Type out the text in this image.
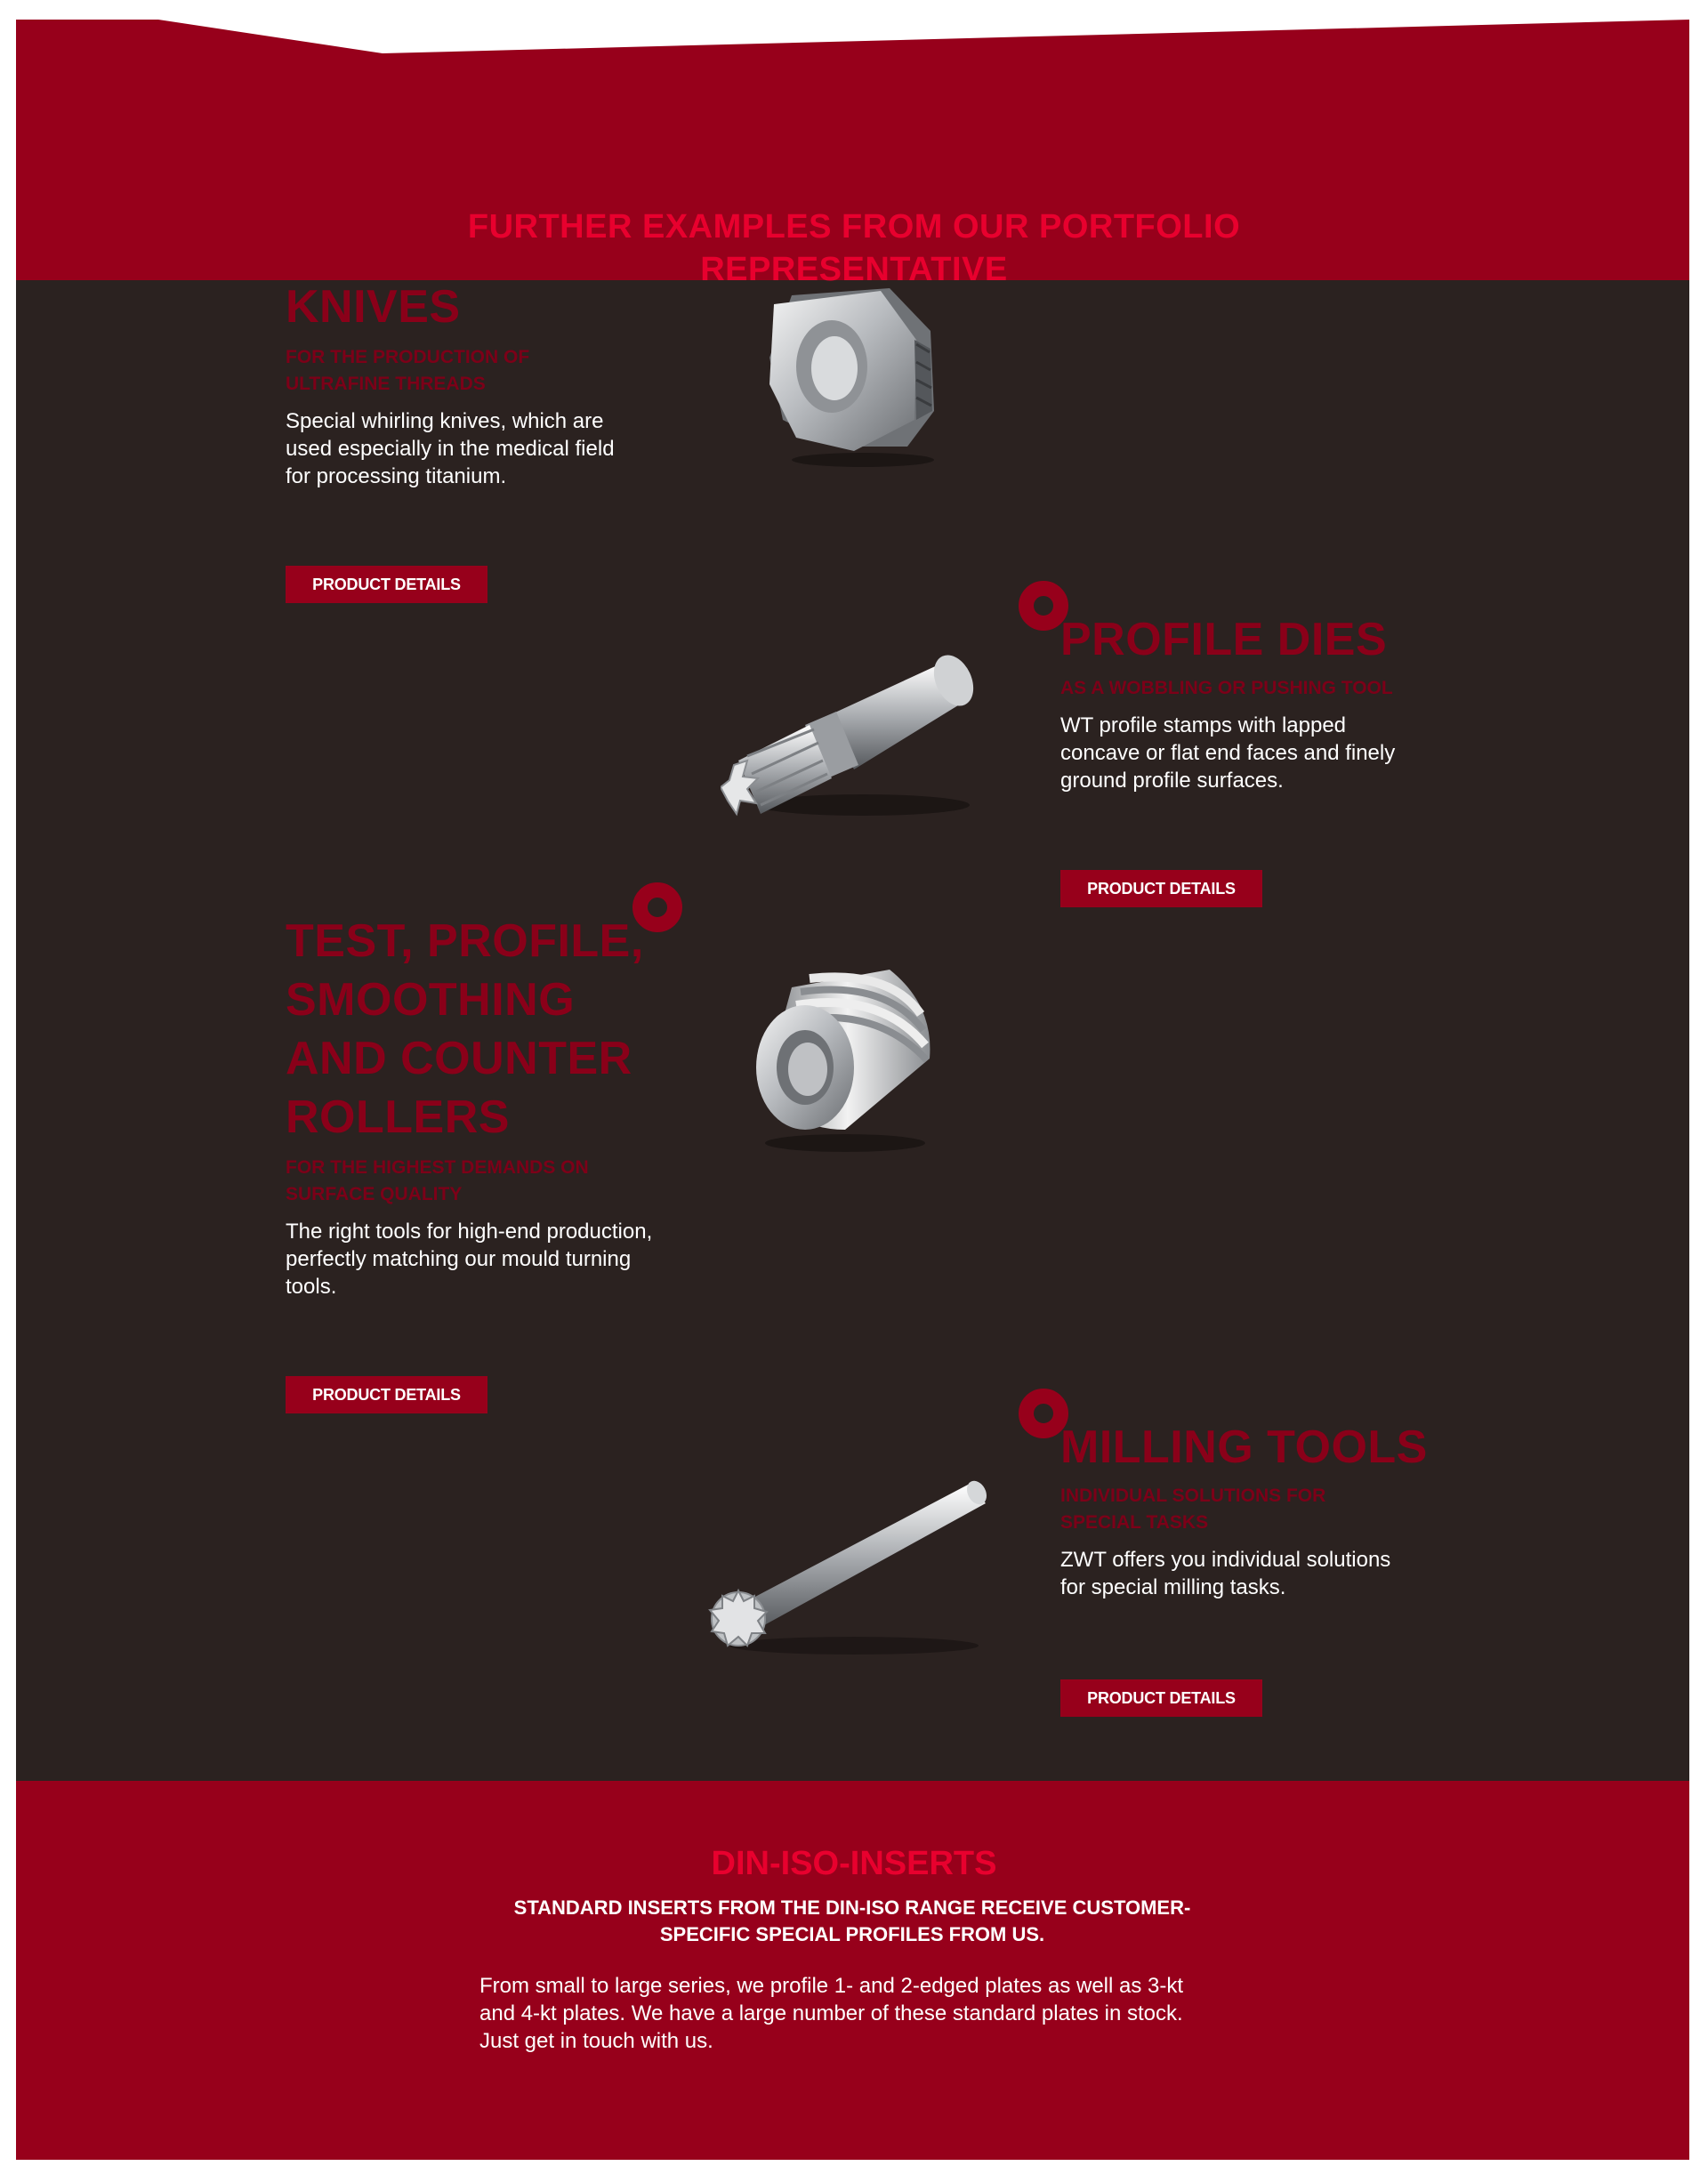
FURTHER EXAMPLES FROM OUR PORTFOLIO
REPRESENTATIVE
KNIVES

FOR THE PRODUCTION OF ULTRAFINE THREADS

Special whirling knives, which are used especially in the medical field for processing titanium.

PRODUCT DETAILS
PROFILE DIES

AS A WOBBLING OR PUSHING TOOL

WT profile stamps with lapped concave or flat end faces and finely ground profile surfaces.

PRODUCT DETAILS
TEST, PROFILE, SMOOTHING AND COUNTER ROLLERS

FOR THE HIGHEST DEMANDS ON SURFACE QUALITY

The right tools for high-end production, perfectly matching our mould turning tools.

PRODUCT DETAILS
MILLING TOOLS

INDIVIDUAL SOLUTIONS FOR SPECIAL TASKS

ZWT offers you individual solutions for special milling tasks.

PRODUCT DETAILS
DIN-ISO-INSERTS

STANDARD INSERTS FROM THE DIN-ISO RANGE RECEIVE CUSTOMER-SPECIFIC SPECIAL PROFILES FROM US.

From small to large series, we profile 1- and 2-edged plates as well as 3-kt and 4-kt plates. We have a large number of these standard plates in stock. Just get in touch with us.
